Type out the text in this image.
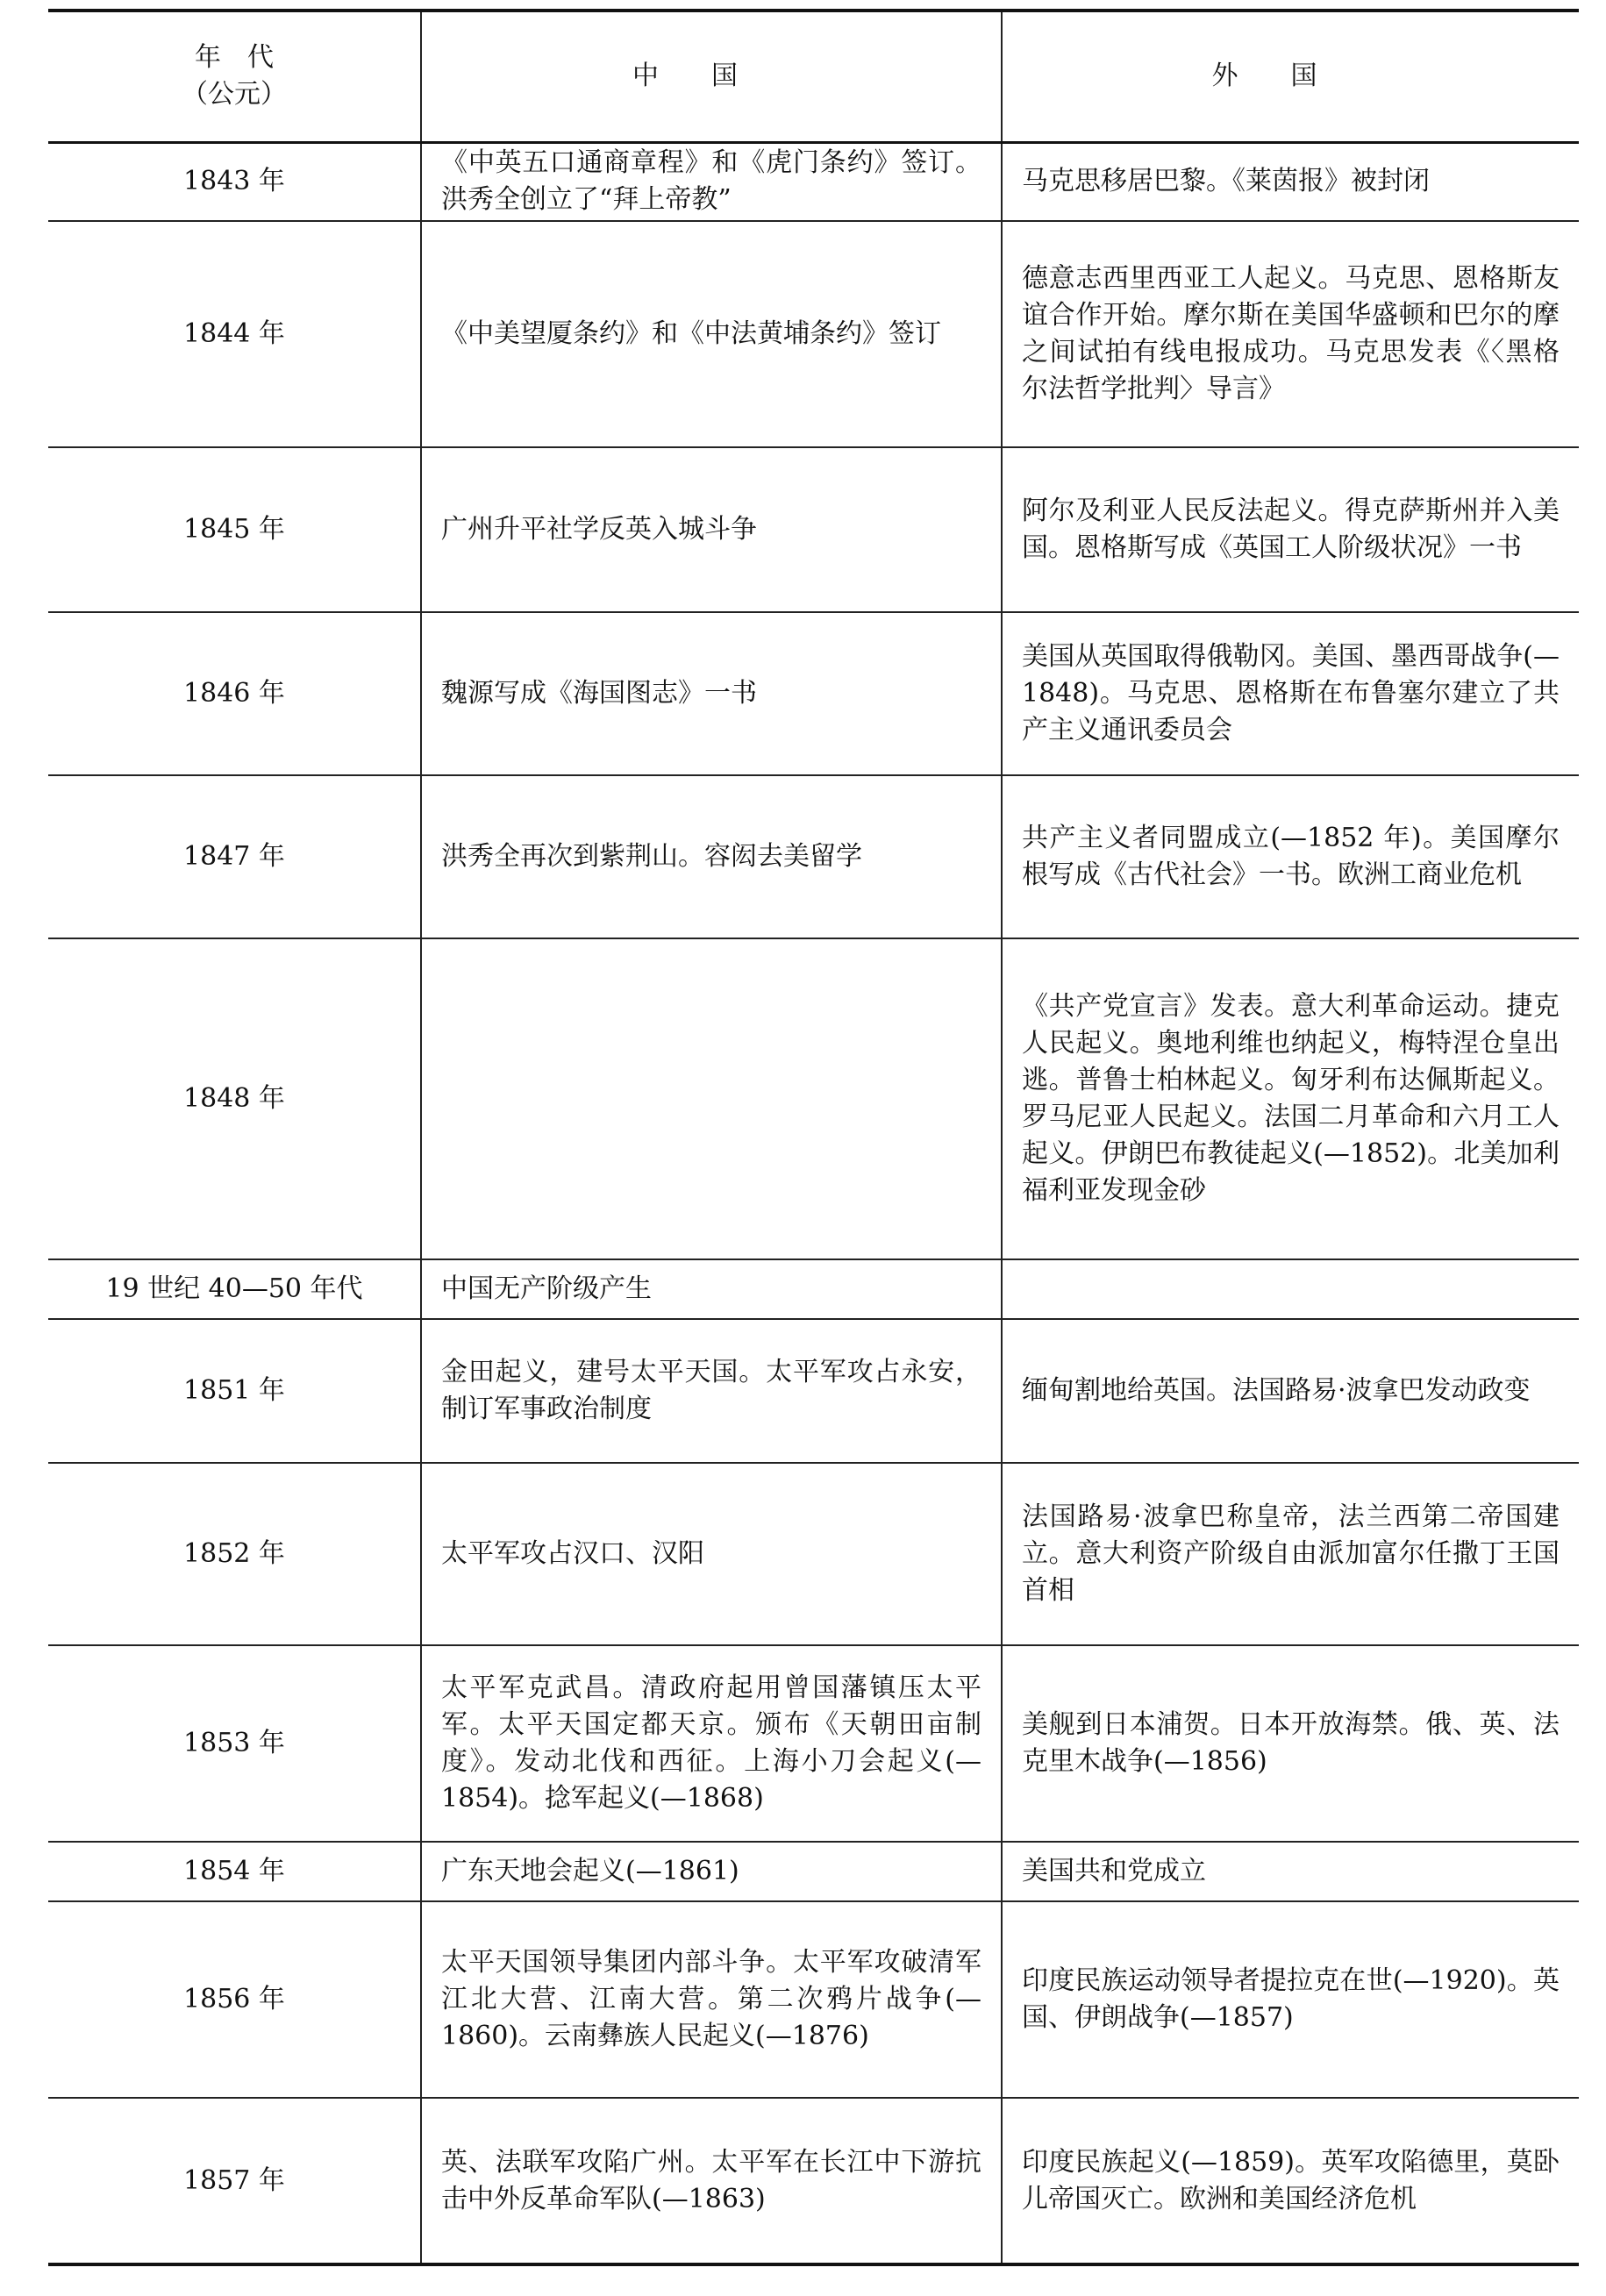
年代
（公元）	中国	外国
1843 年	《中英五口通商章程》和《虎门条约》签订。洪秀全创立了“拜上帝教”	马克思移居巴黎。《莱茵报》被封闭
1844 年	《中美望厦条约》和《中法黄埔条约》签订	德意志西里西亚工人起义。马克思、恩格斯友谊合作开始。摩尔斯在美国华盛顿和巴尔的摩之间试拍有线电报成功。马克思发表《〈黑格尔法哲学批判〉导言》
1845 年	广州升平社学反英入城斗争	阿尔及利亚人民反法起义。得克萨斯州并入美国。恩格斯写成《英国工人阶级状况》一书
1846 年	魏源写成《海国图志》一书	美国从英国取得俄勒冈。美国、墨西哥战争(—1848)。马克思、恩格斯在布鲁塞尔建立了共产主义通讯委员会
1847 年	洪秀全再次到紫荆山。容闳去美留学	共产主义者同盟成立(—1852 年)。美国摩尔根写成《古代社会》一书。欧洲工商业危机
1848 年		《共产党宣言》发表。意大利革命运动。捷克人民起义。奥地利维也纳起义，梅特涅仓皇出逃。普鲁士柏林起义。匈牙利布达佩斯起义。罗马尼亚人民起义。法国二月革命和六月工人起义。伊朗巴布教徒起义(—1852)。北美加利福利亚发现金砂
19 世纪 40—50 年代	中国无产阶级产生	
1851 年	金田起义，建号太平天国。太平军攻占永安，制订军事政治制度	缅甸割地给英国。法国路易·波拿巴发动政变
1852 年	太平军攻占汉口、汉阳	法国路易·波拿巴称皇帝，法兰西第二帝国建立。意大利资产阶级自由派加富尔任撒丁王国首相
1853 年	太平军克武昌。清政府起用曾国藩镇压太平军。太平天国定都天京。颁布《天朝田亩制度》。发动北伐和西征。上海小刀会起义(—1854)。捻军起义(—1868)	美舰到日本浦贺。日本开放海禁。俄、英、法克里木战争(—1856)
1854 年	广东天地会起义(—1861)	美国共和党成立
1856 年	太平天国领导集团内部斗争。太平军攻破清军江北大营、江南大营。第二次鸦片战争(—1860)。云南彝族人民起义(—1876)	印度民族运动领导者提拉克在世(—1920)。英国、伊朗战争(—1857)
1857 年	英、法联军攻陷广州。太平军在长江中下游抗击中外反革命军队(—1863)	印度民族起义(—1859)。英军攻陷德里，莫卧儿帝国灭亡。欧洲和美国经济危机
